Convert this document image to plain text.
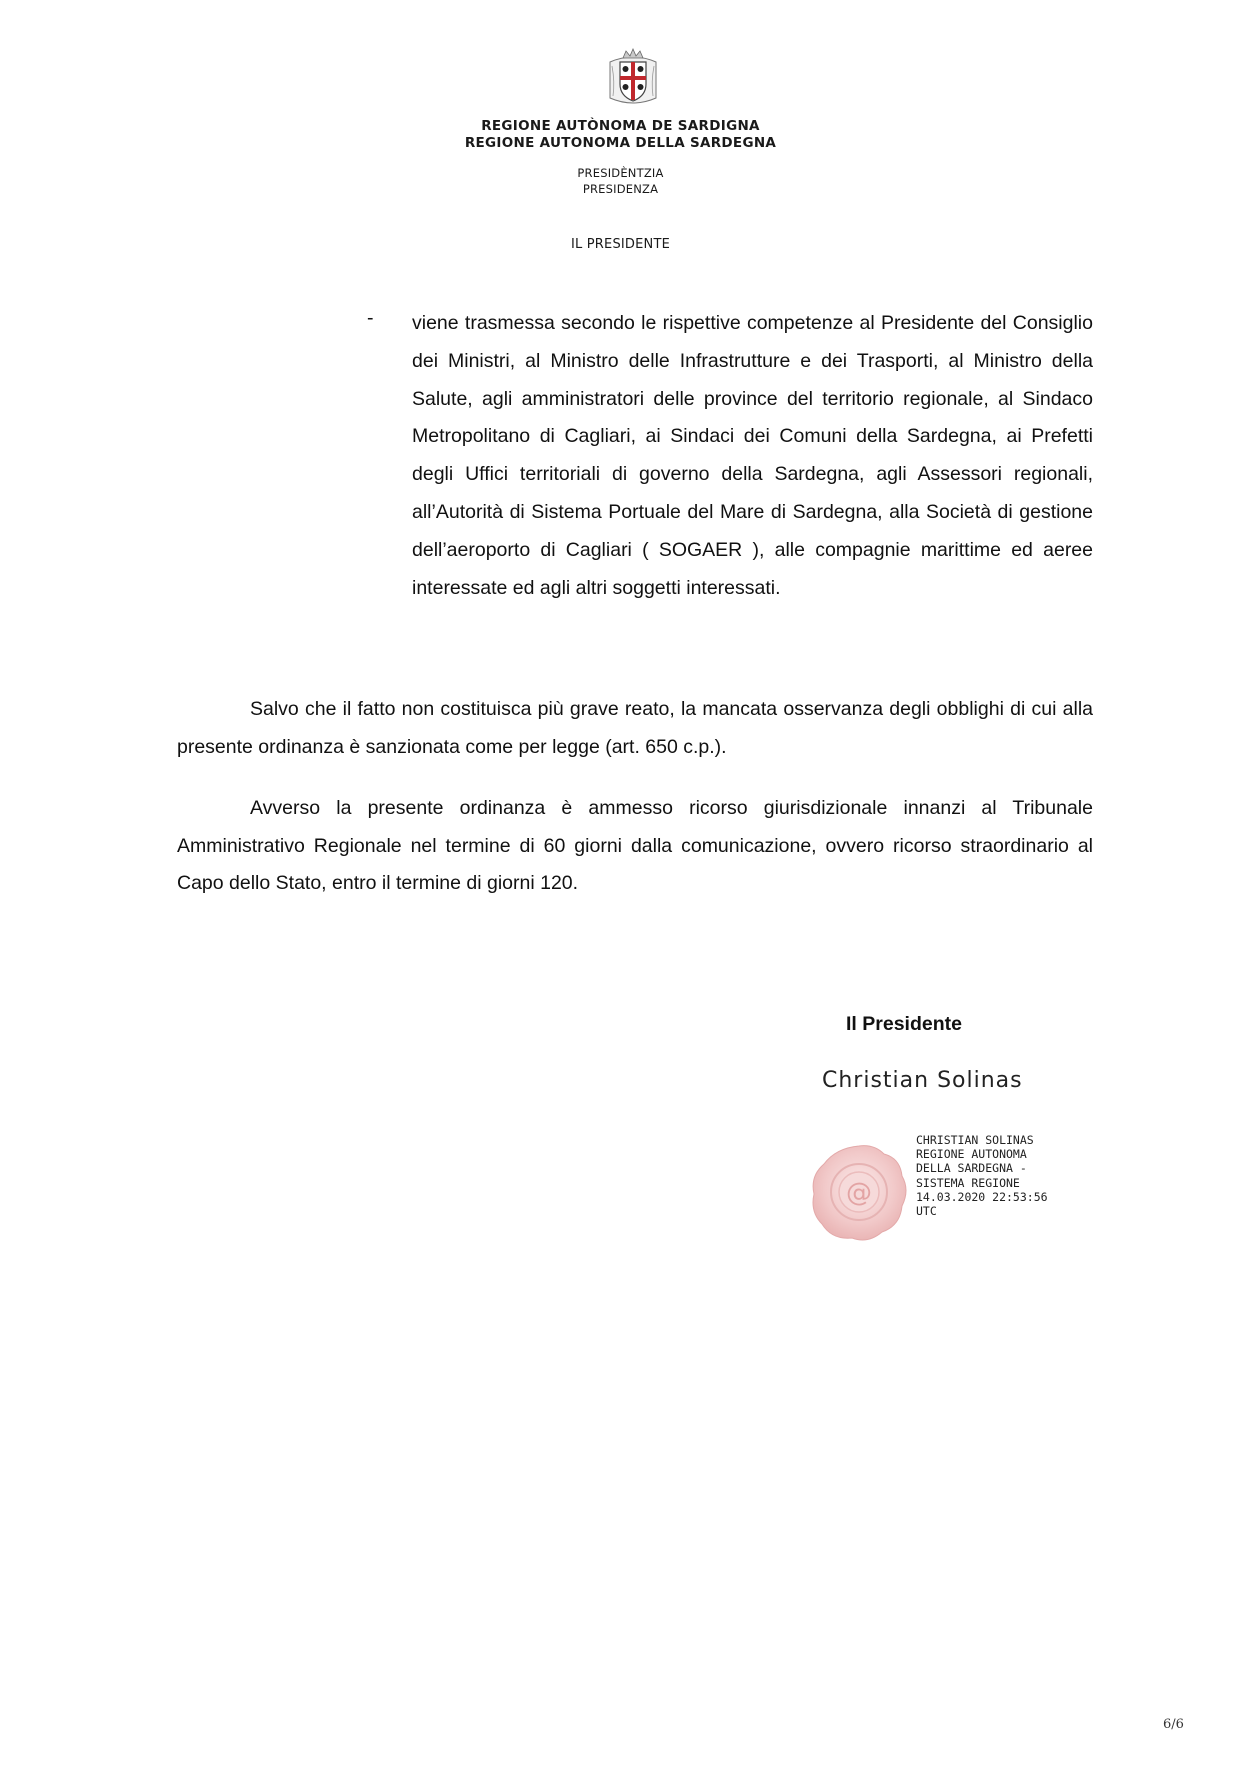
REGIONE AUTÒNOMA DE SARDIGNA
REGIONE AUTONOMA DELLA SARDEGNA
PRESIDÈNTZIA
PRESIDENZA
IL PRESIDENTE
- viene trasmessa secondo le rispettive competenze al Presidente del Consiglio dei Ministri, al Ministro delle Infrastrutture e dei Trasporti, al Ministro della Salute, agli amministratori delle province del territorio regionale, al Sindaco Metropolitano di Cagliari, ai Sindaci dei Comuni della Sardegna, ai Prefetti degli Uffici territoriali di governo della Sardegna, agli Assessori regionali, all’Autorità di Sistema Portuale del Mare di Sardegna, alla Società di gestione dell’aeroporto di Cagliari ( SOGAER ), alle compagnie marittime ed aeree interessate ed agli altri soggetti interessati.
Salvo che il fatto non costituisca più grave reato, la mancata osservanza degli obblighi di cui alla presente ordinanza è sanzionata come per legge (art. 650 c.p.).
Avverso la presente ordinanza è ammesso ricorso giurisdizionale innanzi al Tribunale Amministrativo Regionale nel termine di 60 giorni dalla comunicazione, ovvero ricorso straordinario al Capo dello Stato, entro il termine di giorni 120.
Il Presidente
Christian Solinas
@
CHRISTIAN SOLINAS
REGIONE AUTONOMA
DELLA SARDEGNA -
SISTEMA REGIONE
14.03.2020 22:53:56
UTC
6/6
